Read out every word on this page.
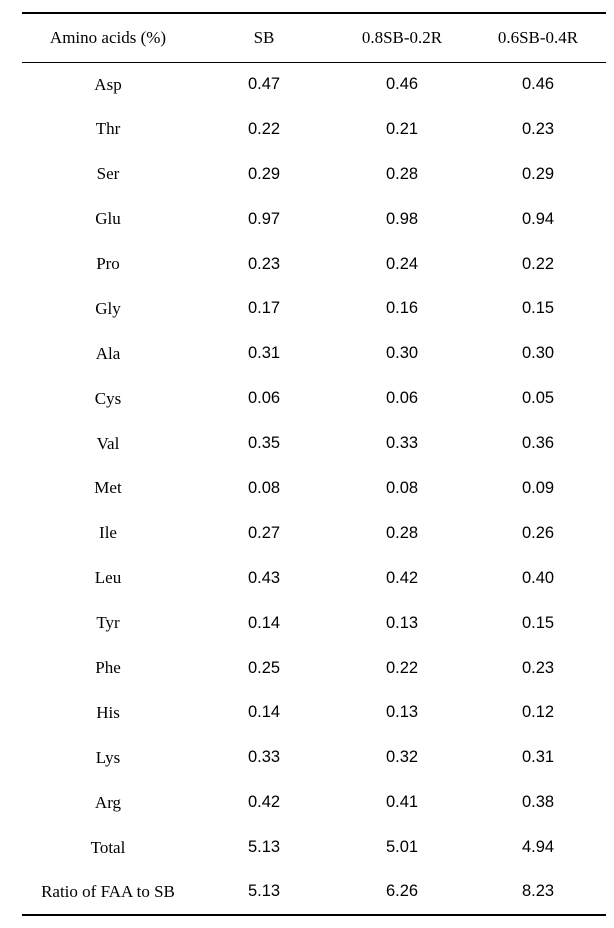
Amino acids (%)	SB	0.8SB-0.2R	0.6SB-0.4R
Asp	0.47	0.46	0.46
Thr	0.22	0.21	0.23
Ser	0.29	0.28	0.29
Glu	0.97	0.98	0.94
Pro	0.23	0.24	0.22
Gly	0.17	0.16	0.15
Ala	0.31	0.30	0.30
Cys	0.06	0.06	0.05
Val	0.35	0.33	0.36
Met	0.08	0.08	0.09
Ile	0.27	0.28	0.26
Leu	0.43	0.42	0.40
Tyr	0.14	0.13	0.15
Phe	0.25	0.22	0.23
His	0.14	0.13	0.12
Lys	0.33	0.32	0.31
Arg	0.42	0.41	0.38
Total	5.13	5.01	4.94
Ratio of FAA to SB	5.13	6.26	8.23
